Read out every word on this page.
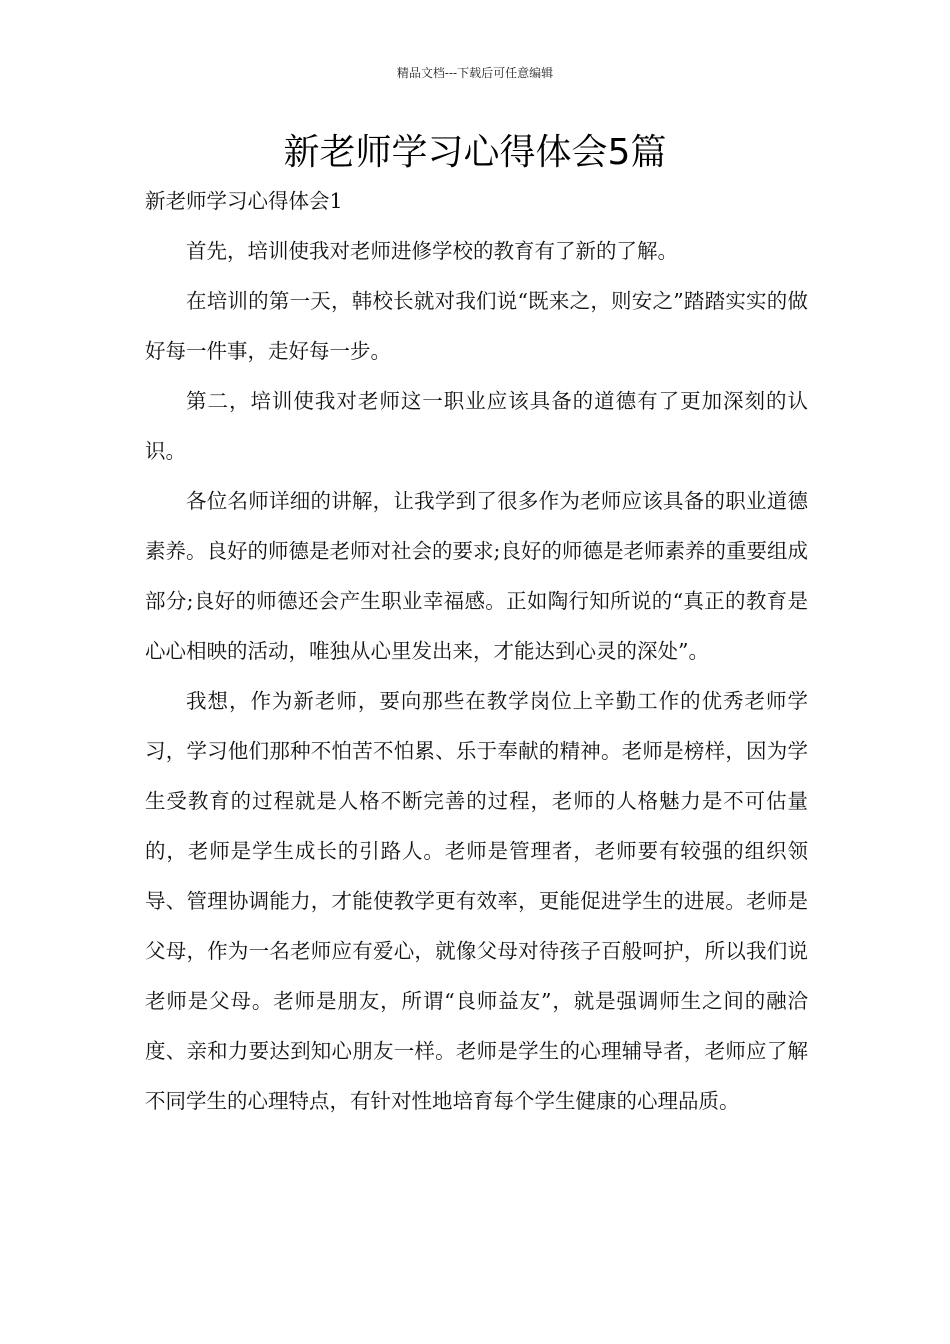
精品文档---下载后可任意编辑
新老师学习心得体会5篇
新老师学习心得体会1

首先，培训使我对老师进修学校的教育有了新的了解。

在培训的第一天，韩校长就对我们说“既来之，则安之”踏踏实实的做好每一件事，走好每一步。

第二，培训使我对老师这一职业应该具备的道德有了更加深刻的认识。

各位名师详细的讲解，让我学到了很多作为老师应该具备的职业道德素养。良好的师德是老师对社会的要求;良好的师德是老师素养的重要组成部分;良好的师德还会产生职业幸福感。正如陶行知所说的“真正的教育是心心相映的活动，唯独从心里发出来，才能达到心灵的深处”。

我想，作为新老师，要向那些在教学岗位上辛勤工作的优秀老师学习，学习他们那种不怕苦不怕累、乐于奉献的精神。老师是榜样，因为学生受教育的过程就是人格不断完善的过程，老师的人格魅力是不可估量的，老师是学生成长的引路人。老师是管理者，老师要有较强的组织领导、管理协调能力，才能使教学更有效率，更能促进学生的进展。老师是父母，作为一名老师应有爱心，就像父母对待孩子百般呵护，所以我们说老师是父母。老师是朋友，所谓“良师益友”，就是强调师生之间的融洽度、亲和力要达到知心朋友一样。老师是学生的心理辅导者，老师应了解不同学生的心理特点，有针对性地培育每个学生健康的心理品质。
